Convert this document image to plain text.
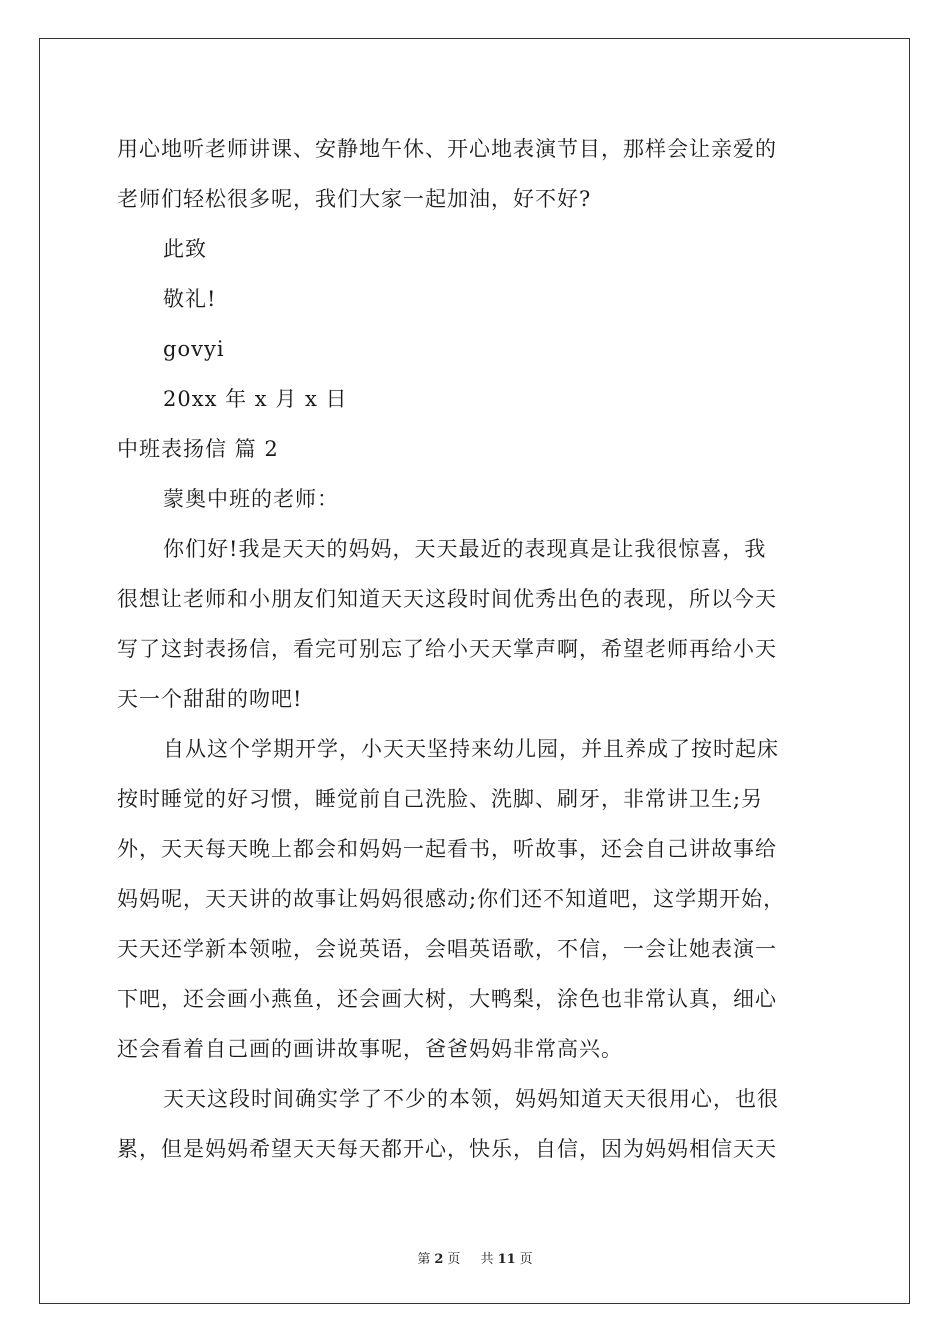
用心地听老师讲课、安静地午休、开心地表演节目，那样会让亲爱的
老师们轻松很多呢，我们大家一起加油，好不好?
此致
敬礼!
govyi
20xx 年 x 月 x 日
中班表扬信 篇 2
蒙奥中班的老师：
你们好!我是天天的妈妈，天天最近的表现真是让我很惊喜，我
很想让老师和小朋友们知道天天这段时间优秀出色的表现，所以今天
写了这封表扬信，看完可别忘了给小天天掌声啊，希望老师再给小天
天一个甜甜的吻吧!
自从这个学期开学，小天天坚持来幼儿园，并且养成了按时起床
按时睡觉的好习惯，睡觉前自己洗脸、洗脚、刷牙，非常讲卫生;另
外，天天每天晚上都会和妈妈一起看书，听故事，还会自己讲故事给
妈妈呢，天天讲的故事让妈妈很感动;你们还不知道吧，这学期开始，
天天还学新本领啦，会说英语，会唱英语歌，不信，一会让她表演一
下吧，还会画小燕鱼，还会画大树，大鸭梨，涂色也非常认真，细心
还会看着自己画的画讲故事呢，爸爸妈妈非常高兴。
天天这段时间确实学了不少的本领，妈妈知道天天很用心，也很
累，但是妈妈希望天天每天都开心，快乐，自信，因为妈妈相信天天
第 2 页 共 11 页
